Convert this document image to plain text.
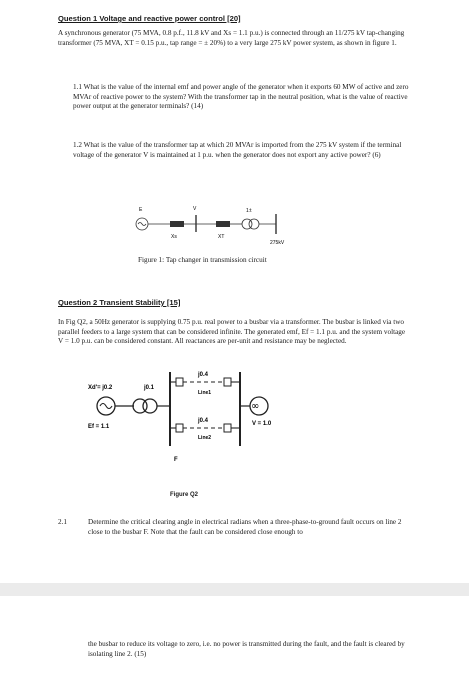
Question 1 Voltage and reactive power control [20]
A synchronous generator (75 MVA, 0.8 p.f., 11.8 kV and Xs = 1.1 p.u.) is connected through an 11/275 kV tap-changing transformer (75 MVA, XT = 0.15 p.u., tap range = ± 20%) to a very large 275 kV power system, as shown in figure 1.
1.1 What is the value of the internal emf and power angle of the generator when it exports 60 MW of active and zero MVAr of reactive power to the system? With the transformer tap in the neutral position, what is the value of reactive power output at the generator terminals? (14)
1.2 What is the value of the transformer tap at which 20 MVAr is imported from the 275 kV system if the terminal voltage of the generator V is maintained at 1 p.u. when the generator does not export any active power? (6)
E
Xs
V
XT
1:t
275kV
Figure 1: Tap changer in transmission circuit
Question 2 Transient Stability [15]
In Fig Q2, a 50Hz generator is supplying 0.75 p.u. real power to a busbar via a transformer. The busbar is linked via two parallel feeders to a large system that can be considered infinite. The generated emf, Ef = 1.1 p.u. and the system voltage V = 1.0 p.u. can be considered constant. All reactances are per-unit and resistance may be neglected.
Xd'= j0.2	j0.1
Ef = 1.1
F
j0.4
Line1
j0.4
Line2
∞
V = 1.0
Figure Q2
2.1	Determine the critical clearing angle in electrical radians when a three-phase-to-ground fault occurs on line 2 close to the busbar F. Note that the fault can be considered close enough to
the busbar to reduce its voltage to zero, i.e. no power is transmitted during the fault, and the fault is cleared by isolating line 2. (15)
